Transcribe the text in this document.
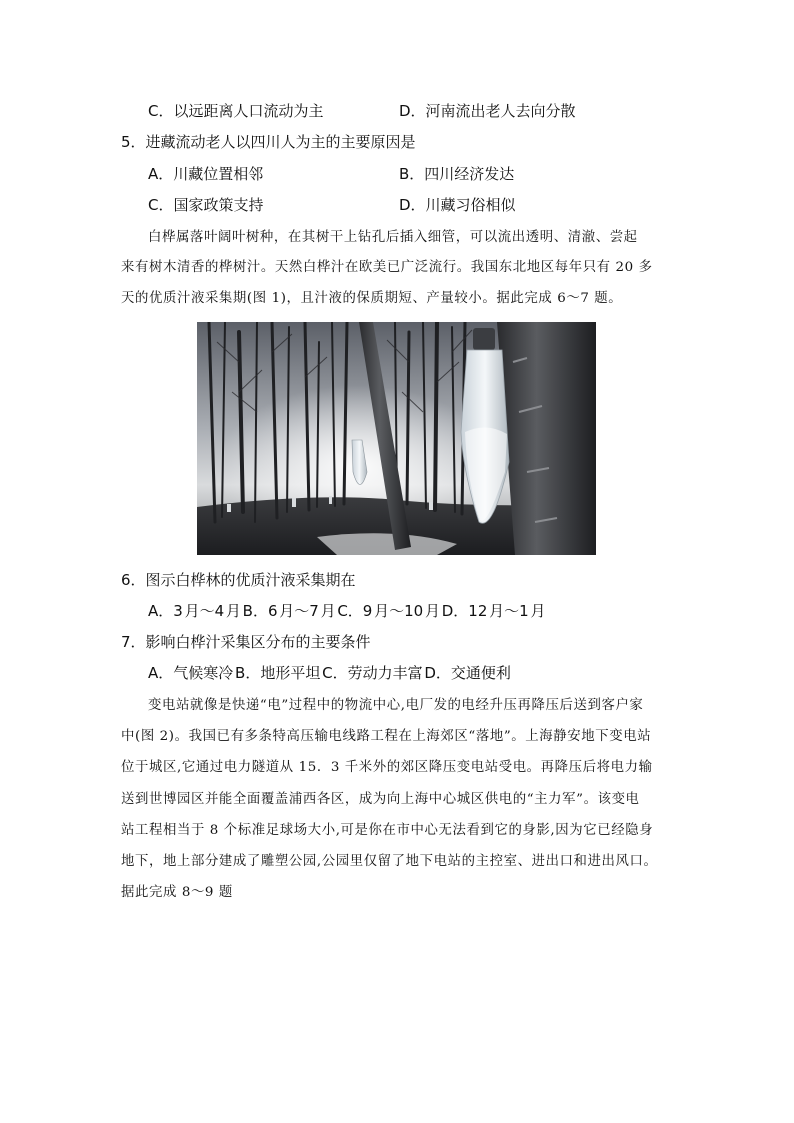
C．以远距离人口流动为主	D．河南流出老人去向分散
5．进藏流动老人以四川人为主的主要原因是
A．川藏位置相邻	B．四川经济发达
C．国家政策支持	D．川藏习俗相似
白桦属落叶阔叶树种，在其树干上钻孔后插入细管，可以流出透明、清澈、尝起
来有树木清香的桦树汁。天然白桦汁在欧美已广泛流行。我国东北地区每年只有 20 多
天的优质汁液采集期(图 1)，且汁液的保质期短、产量较小。据此完成 6～7 题。
6．图示白桦林的优质汁液采集期在
A．3 月～4 月 B．6 月～7 月 C．9 月～10 月 D．12 月～1 月
7．影响白桦汁采集区分布的主要条件
A．气候寒冷 B．地形平坦 C．劳动力丰富 D．交通便利
变电站就像是快递“电”过程中的物流中心,电厂发的电经升压再降压后送到客户家
中(图 2)。我国已有多条特高压输电线路工程在上海郊区“落地”。上海静安地下变电站
位于城区,它通过电力隧道从 15．3 千米外的郊区降压变电站受电。再降压后将电力输
送到世博园区并能全面覆盖浦西各区，成为向上海中心城区供电的“主力军”。该变电
站工程相当于 8 个标准足球场大小,可是你在市中心无法看到它的身影,因为它已经隐身
地下，地上部分建成了雕塑公园,公园里仅留了地下电站的主控室、进出口和进出风口。
据此完成 8～9 题
